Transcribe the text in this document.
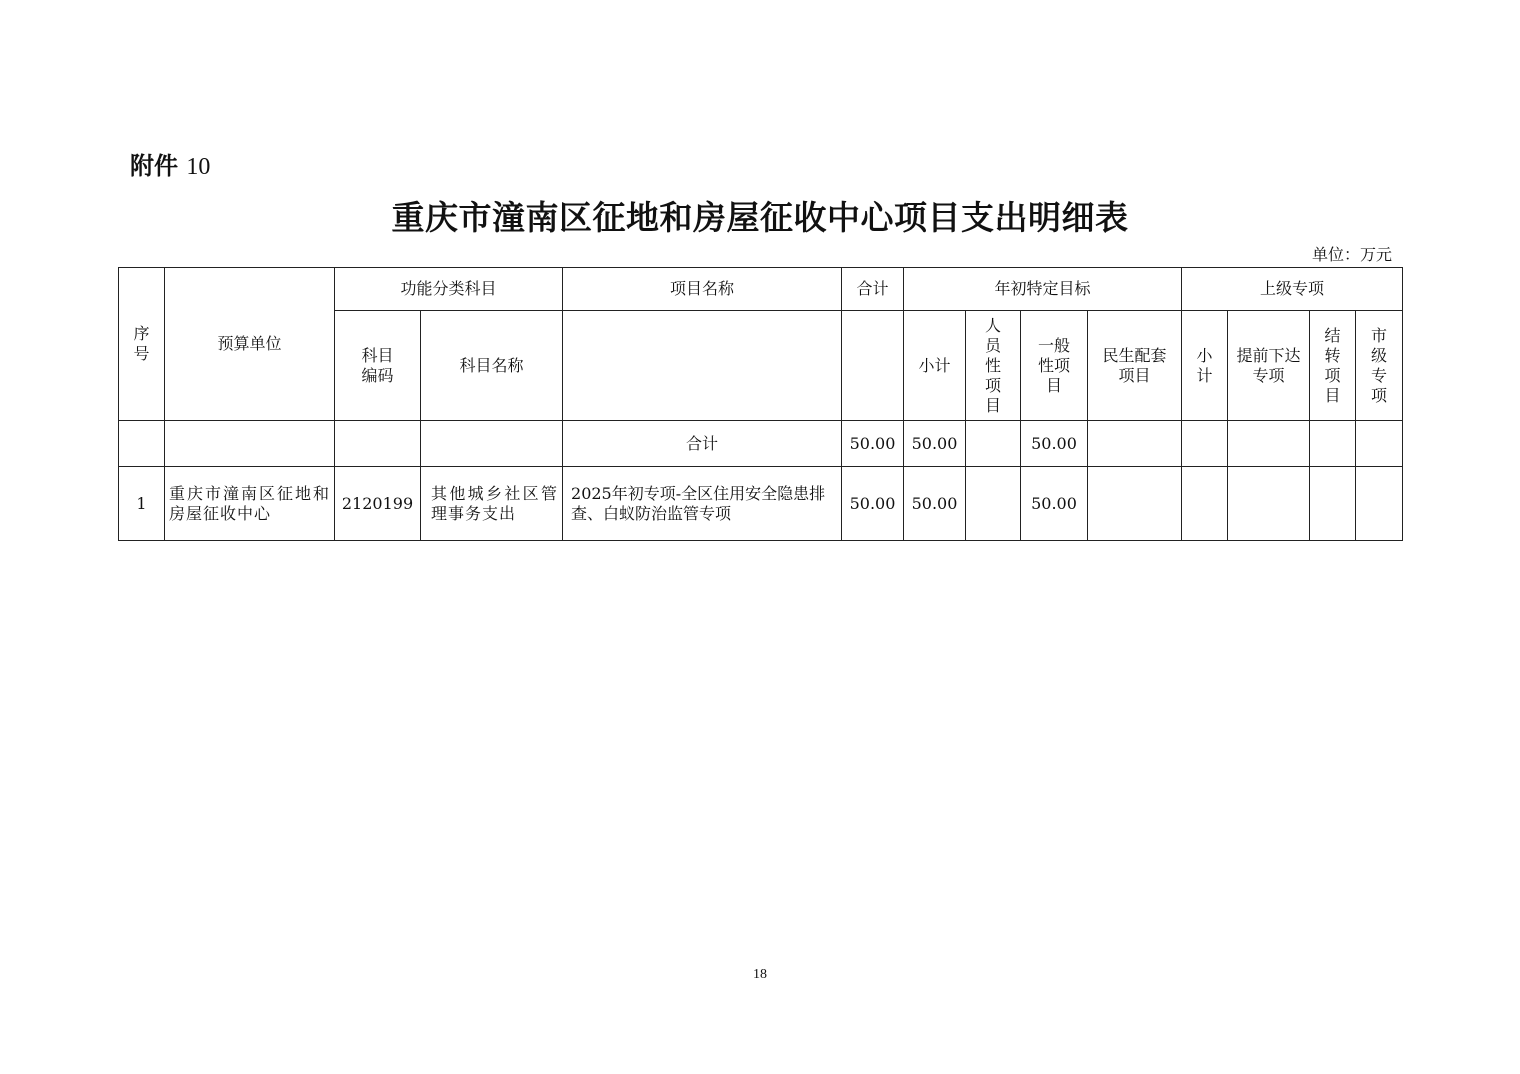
附件 10
重庆市潼南区征地和房屋征收中心项目支出明细表
单位：万元
序号	预算单位	功能分类科目		项目名称	合计	年初特定目标				上级专项			

		科目编码	科目名称			小计	人员性项目	一般性项目	民生配套项目	小计	提前下达专项	结转项目	市级专项

				合计	50.00	50.00		50.00					
1	重庆市潼南区征地和房屋征收中心	2120199	其他城乡社区管理事务支出	2025年初专项-全区住用安全隐患排查、白蚁防治监管专项	50.00	50.00		50.00					
18
